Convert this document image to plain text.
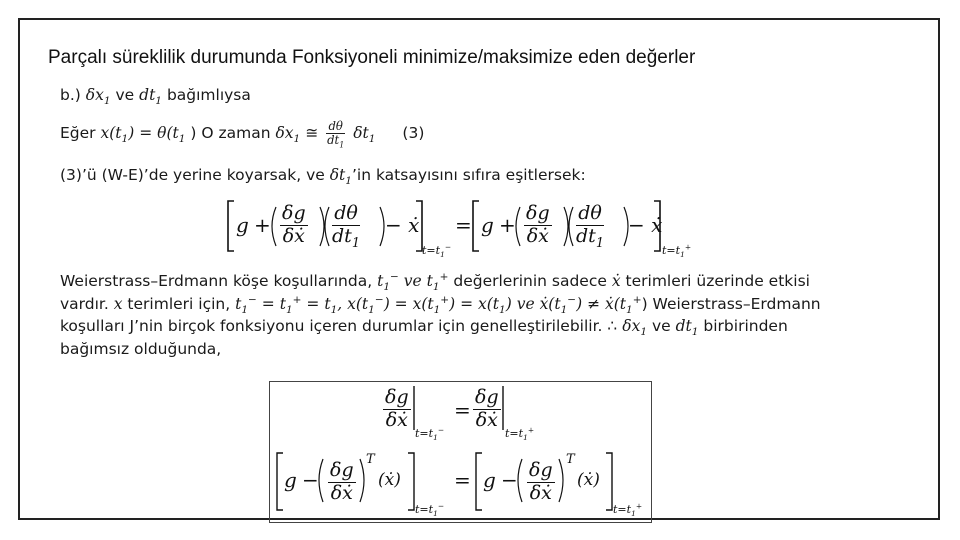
Parçalı süreklilik durumunda Fonksiyoneli minimize/maksimize eden değerler
b.) $\delta x_1$ ve $dt_1$ bağımlıysa
Eğer $x(t_1) = \theta(t_1$ ) O zaman $\delta x_1$ ≅ $\frac{d\theta}{dt_1} \delta t_1$ (3)
(3)’ü (W-E)’de yerine koyarsak, ve $\delta t_1’in$ katsayısını sıfıra eşitlersek:
g + δg
δẋ
dθ
$dt_1$
− ẋ
$t=t_1^-$
= g + δg
δẋ
dθ
$dt_1$
− ẋ
$t=t_1^+$
Weierstrass–Erdmann köşe koşullarında, $t_1^-$ ve $t_1^+$ değerlerinin sadece ẋ terimleri üzerinde etkisi vardır. x terimleri için, $t_1^- = t_1^+ = t_1$, $x(t_1^-) = x(t_1^+) = x(t_1)$ ve $ẋ(t_1^-)$ ≠ $ẋ(t_1^+)$ Weierstrass–Erdmann koşulları J’nin birçok fonksiyonu içeren durumlar için genelleştirilebilir. ∴ $\delta x_1$ ve $dt_1$ birbirinden bağımsız olduğunda,
δg
δẋ
$t=t_1^-$
=
δg
δẋ
$t=t_1^+$
g − δg
δẋ
T
(ẋ)
$t=t_1^-$
= g − δg
δẋ
T
(ẋ)
$t=t_1^+$
